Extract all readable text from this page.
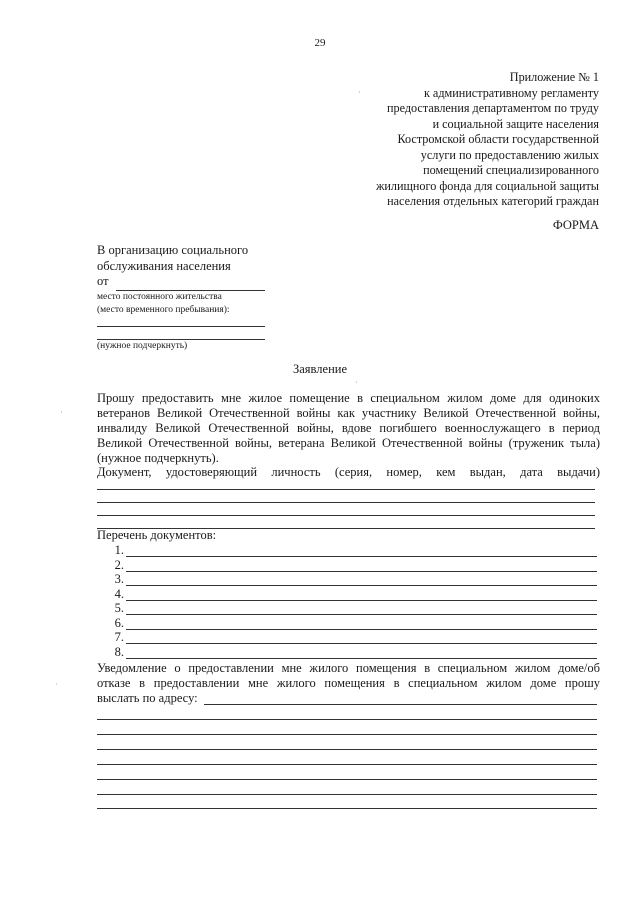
29
Приложение № 1
к административному регламенту
предоставления департаментом по труду
и социальной защите населения
Костромской области государственной
услуги по предоставлению жилых
помещений специализированного
жилищного фонда для социальной защиты
населения отдельных категорий граждан
ФОРМА
В организацию социального
обслуживания населения
от
место постоянного жительства
(место временного пребывания):
(нужное подчеркнуть)
Заявление
Прошу предоставить мне жилое помещение в специальном жилом доме для одиноких
ветеранов Великой Отечественной войны как участнику Великой Отечественной войны,
инвалиду Великой Отечественной войны, вдове погибшего военнослужащего в период
Великой Отечественной войны, ветерана Великой Отечественной войны (труженик тыла)
(нужное подчеркнуть).
Документ, удостоверяющий личность (серия, номер, кем выдан, дата выдачи)
Перечень документов:
1.
2.
3.
4.
5.
6.
7.
8.
Уведомление о предоставлении мне жилого помещения в специальном жилом доме/об
отказе в предоставлении мне жилого помещения в специальном жилом доме прошу
выслать по адресу:
·
·
·
·
